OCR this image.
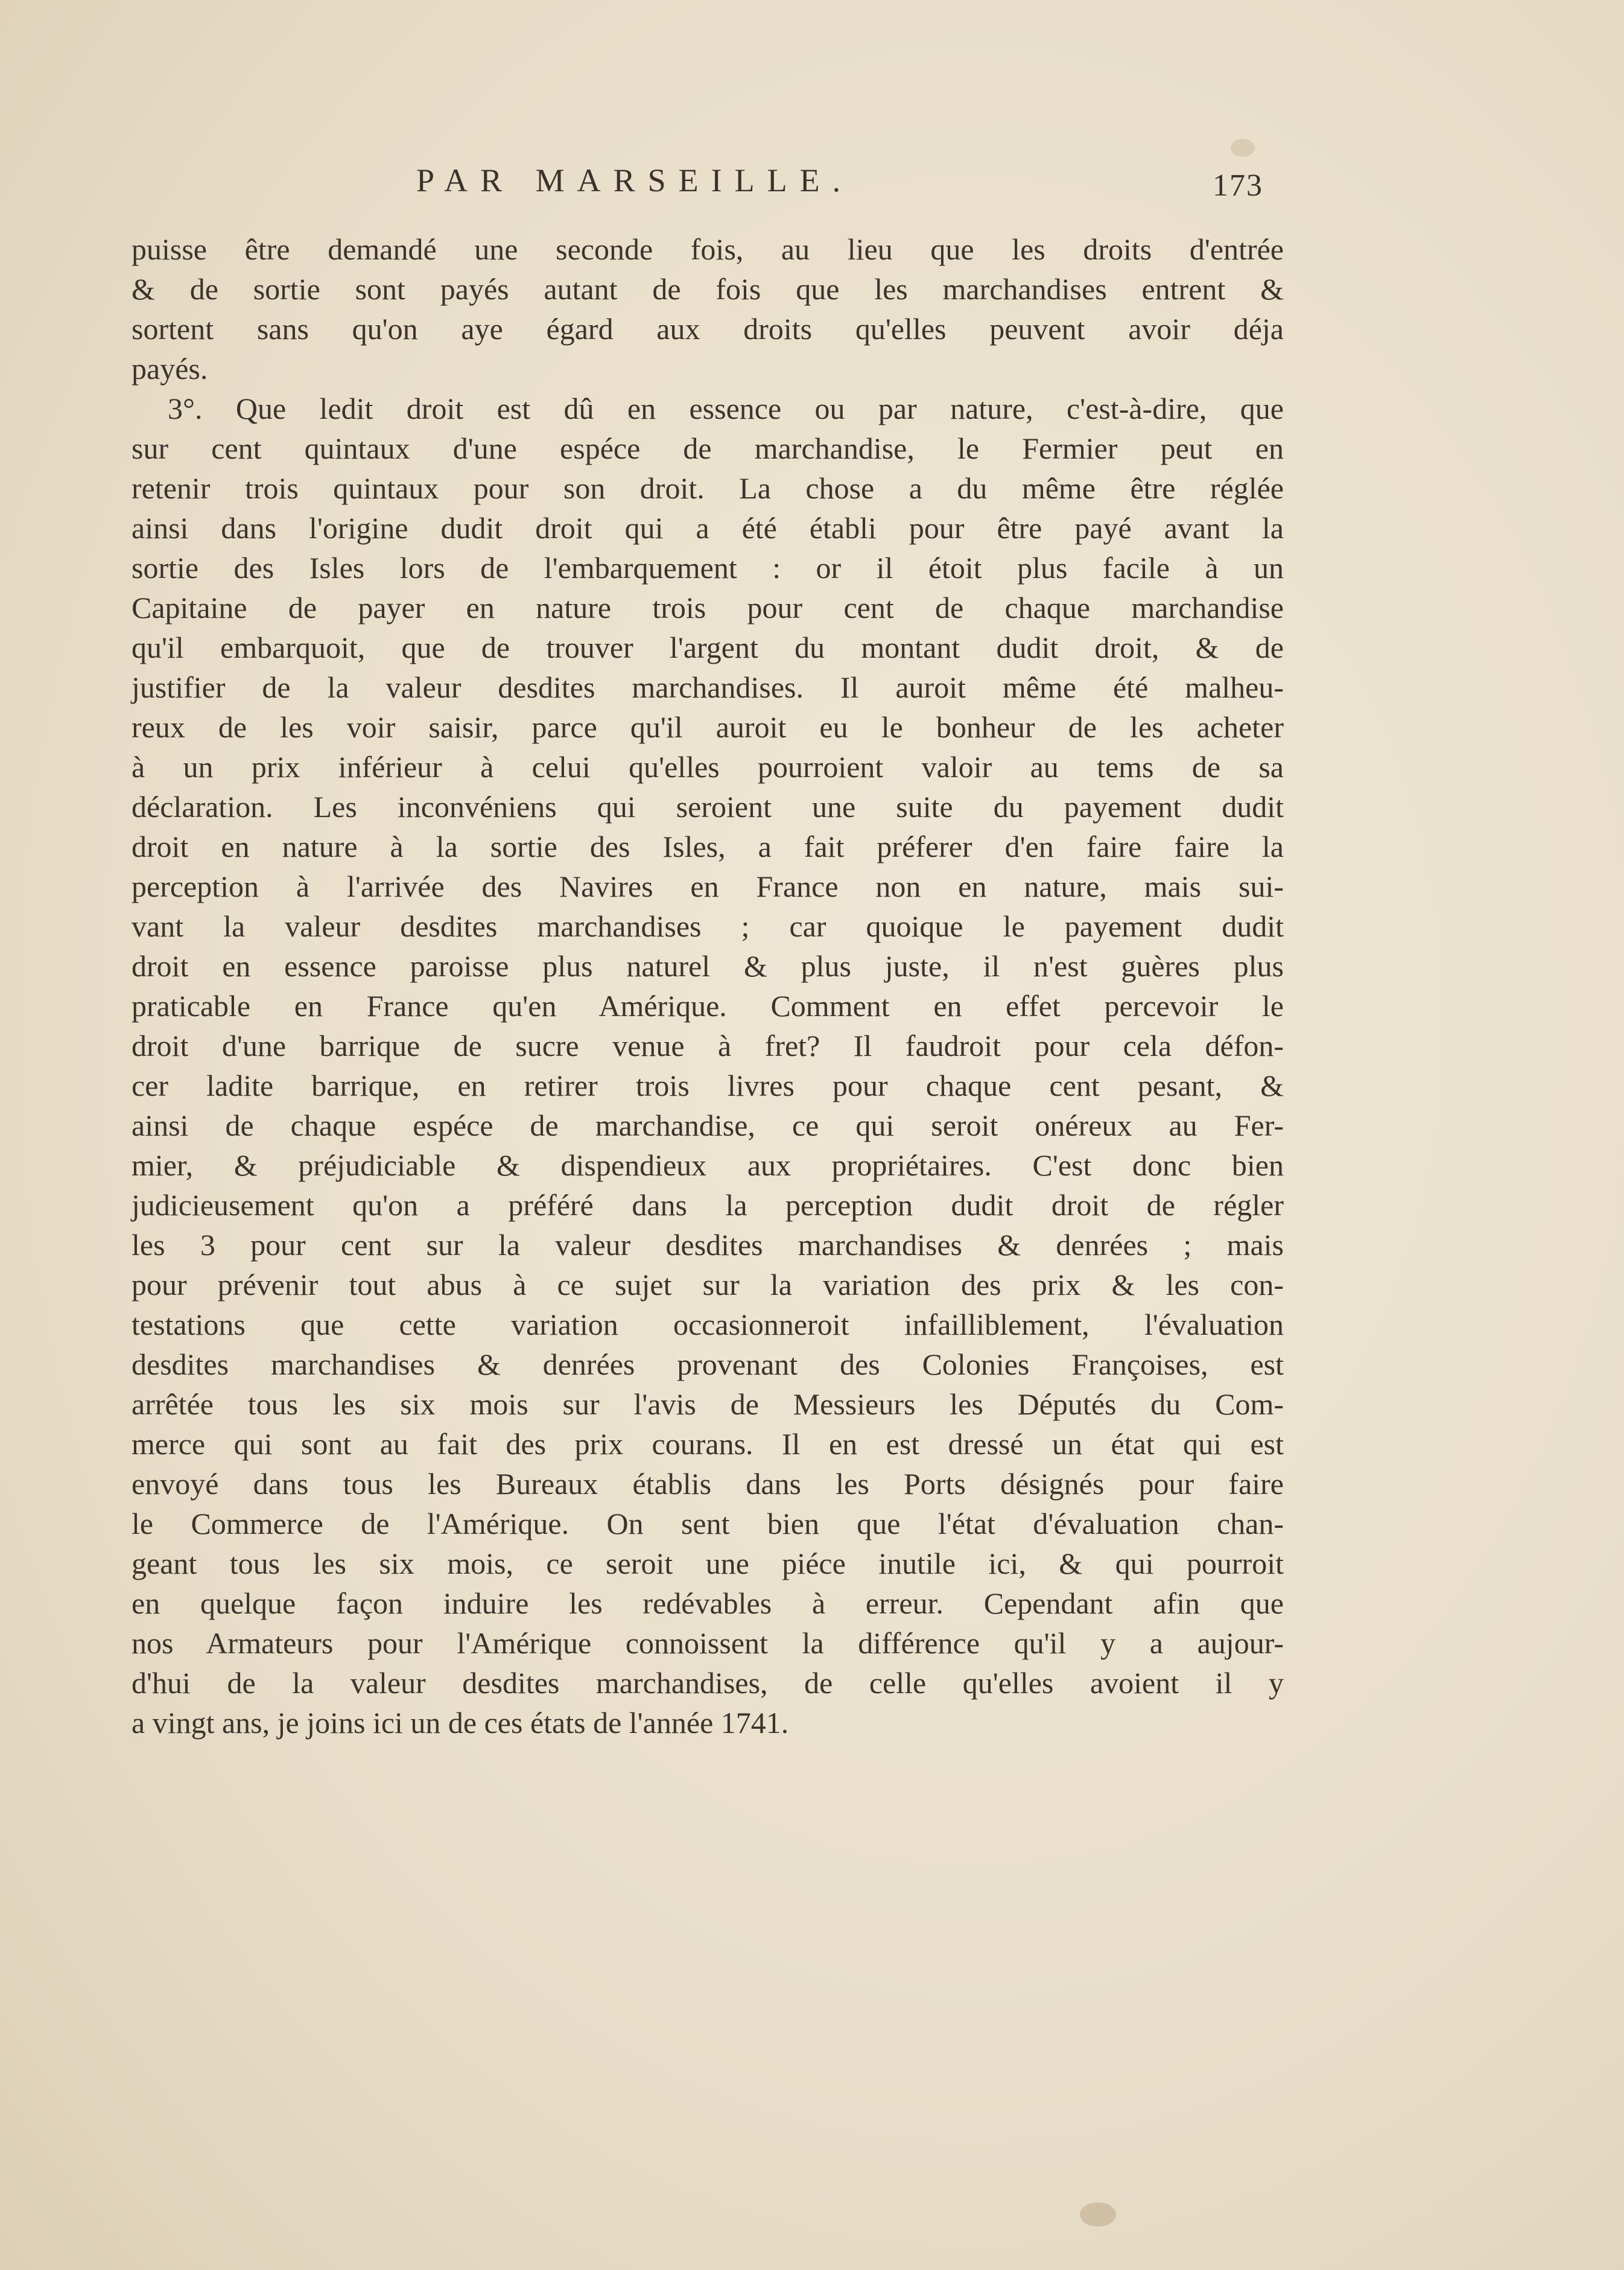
PAR MARSEILLE.	173
puisse être demandé une seconde fois, au lieu que les droits d'entrée
& de sortie sont payés autant de fois que les marchandises entrent &
sortent sans qu'on aye égard aux droits qu'elles peuvent avoir déja
payés.
3°. Que ledit droit est dû en essence ou par nature, c'est-à-dire, que
sur cent quintaux d'une espéce de marchandise, le Fermier peut en
retenir trois quintaux pour son droit. La chose a du même être réglée
ainsi dans l'origine dudit droit qui a été établi pour être payé avant la
sortie des Isles lors de l'embarquement : or il étoit plus facile à un
Capitaine de payer en nature trois pour cent de chaque marchandise
qu'il embarquoit, que de trouver l'argent du montant dudit droit, & de
justifier de la valeur desdites marchandises. Il auroit même été malheu-
reux de les voir saisir, parce qu'il auroit eu le bonheur de les acheter
à un prix inférieur à celui qu'elles pourroient valoir au tems de sa
déclaration. Les inconvéniens qui seroient une suite du payement dudit
droit en nature à la sortie des Isles, a fait préferer d'en faire faire la
perception à l'arrivée des Navires en France non en nature, mais sui-
vant la valeur desdites marchandises ; car quoique le payement dudit
droit en essence paroisse plus naturel & plus juste, il n'est guères plus
praticable en France qu'en Amérique. Comment en effet percevoir le
droit d'une barrique de sucre venue à fret? Il faudroit pour cela défon-
cer ladite barrique, en retirer trois livres pour chaque cent pesant, &
ainsi de chaque espéce de marchandise, ce qui seroit onéreux au Fer-
mier, & préjudiciable & dispendieux aux propriétaires. C'est donc bien
judicieusement qu'on a préféré dans la perception dudit droit de régler
les 3 pour cent sur la valeur desdites marchandises & denrées ; mais
pour prévenir tout abus à ce sujet sur la variation des prix & les con-
testations que cette variation occasionneroit infailliblement, l'évaluation
desdites marchandises & denrées provenant des Colonies Françoises, est
arrêtée tous les six mois sur l'avis de Messieurs les Députés du Com-
merce qui sont au fait des prix courans. Il en est dressé un état qui est
envoyé dans tous les Bureaux établis dans les Ports désignés pour faire
le Commerce de l'Amérique. On sent bien que l'état d'évaluation chan-
geant tous les six mois, ce seroit une piéce inutile ici, & qui pourroit
en quelque façon induire les redévables à erreur. Cependant afin que
nos Armateurs pour l'Amérique connoissent la différence qu'il y a aujour-
d'hui de la valeur desdites marchandises, de celle qu'elles avoient il y
a vingt ans, je joins ici un de ces états de l'année 1741.
